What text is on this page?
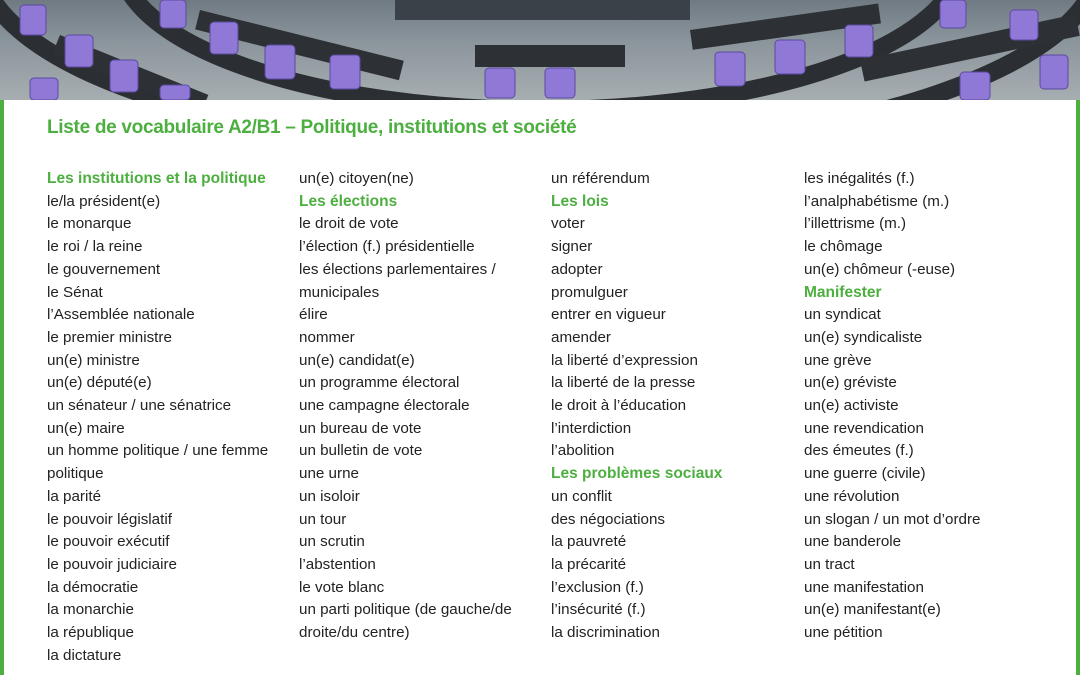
Liste de vocabulaire A2/B1 – Politique, institutions et société
Les institutions et la politique
le/la président(e)
le monarque
le roi / la reine
le gouvernement
le Sénat
l’Assemblée nationale
le premier ministre
un(e) ministre
un(e) député(e)
un sénateur / une sénatrice
un(e) maire
un homme politique / une femme
politique
la parité
le pouvoir législatif
le pouvoir exécutif
le pouvoir judiciaire
la démocratie
la monarchie
la république
la dictature
un(e) citoyen(ne)
Les élections
le droit de vote
l’élection (f.) présidentielle
les élections parlementaires /
municipales
élire
nommer
un(e) candidat(e)
un programme électoral
une campagne électorale
un bureau de vote
un bulletin de vote
une urne
un isoloir
un tour
un scrutin
l’abstention
le vote blanc
un parti politique (de gauche/de
droite/du centre)
un référendum
Les lois
voter
signer
adopter
promulguer
entrer en vigueur
amender
la liberté d’expression
la liberté de la presse
le droit à l’éducation
l’interdiction
l’abolition
Les problèmes sociaux
un conflit
des négociations
la pauvreté
la précarité
l’exclusion (f.)
l’insécurité (f.)
la discrimination
les inégalités (f.)
l’analphabétisme (m.)
l’illettrisme (m.)
le chômage
un(e) chômeur (-euse)
Manifester
un syndicat
un(e) syndicaliste
une grève
un(e) gréviste
un(e) activiste
une revendication
des émeutes (f.)
une guerre (civile)
une révolution
un slogan / un mot d’ordre
une banderole
un tract
une manifestation
un(e) manifestant(e)
une pétition
